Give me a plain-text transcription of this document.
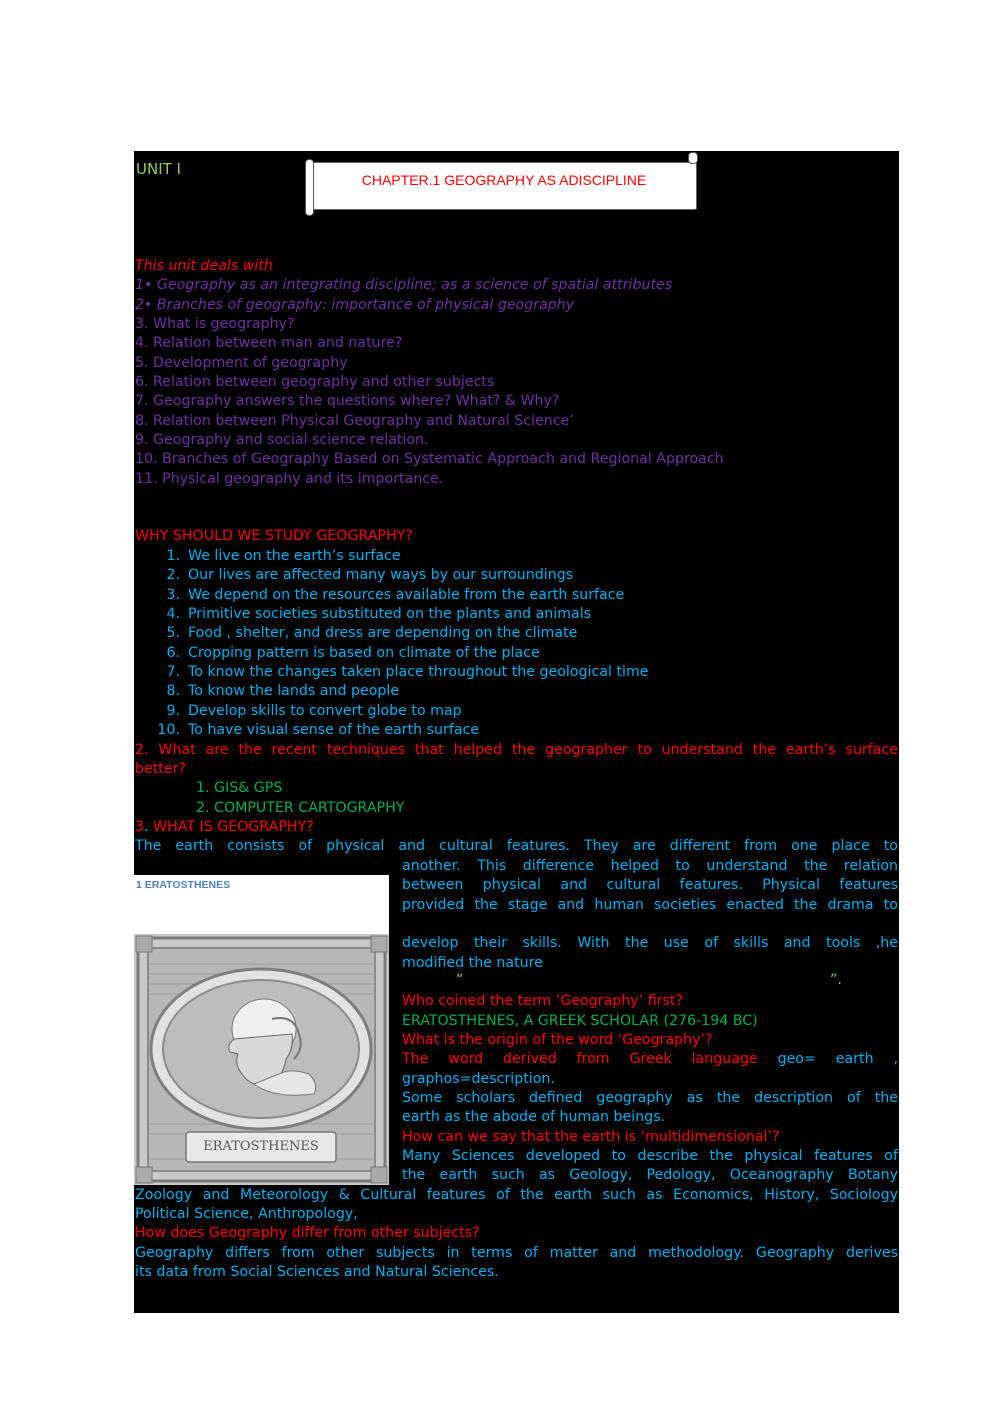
UNIT I
CHAPTER.1 GEOGRAPHY AS ADISCIPLINE
This unit deals with
1• Geography as an integrating discipline; as a science of spatial attributes
2• Branches of geography: importance of physical geography
3. What is geography?
4. Relation between man and nature?
5. Development of geography
6. Relation between geography and other subjects
7. Geography answers the questions where? What? & Why?
8. Relation between Physical Geography and Natural Science’
9. Geography and social science relation.
10. Branches of Geography Based on Systematic Approach and Regional Approach
11. Physical geography and its importance.
WHY SHOULD WE STUDY GEOGRAPHY?
1. We live on the earth’s surface
2. Our lives are affected many ways by our surroundings
3. We depend on the resources available from the earth surface
4. Primitive societies substituted on the plants and animals
5. Food , shelter, and dress are depending on the climate
6. Cropping pattern is based on climate of the place
7. To know the changes taken place throughout the geological time
8. To know the lands and people
9. Develop skills to convert globe to map
10. To have visual sense of the earth surface
2. What are the recent techniques that helped the geographer to understand the earth’s surface
better?
1. GIS& GPS
2. COMPUTER CARTOGRAPHY
3. WHAT IS GEOGRAPHY?
The earth consists of physical and cultural features. They are different from one place to
another. This difference helped to understand the relation
between physical and cultural features. Physical features
provided the stage and human societies enacted the drama to
develop their skills. With the use of skills and tools ,he
modified the nature
“	”.
1 ERATOSTHENES
ERATOSTHENES
Who coined the term ‘Geography’ first?
ERATOSTHENES, A GREEK SCHOLAR (276-194 BC)
What is the origin of the word ‘Geography’?
The word derived from Greek language geo= earth ,
graphos=description.
Some scholars defined geography as the description of the
earth as the abode of human beings.
How can we say that the earth is ‘multidimensional’?
Many Sciences developed to describe the physical features of
the earth such as Geology, Pedology, Oceanography Botany
Zoology and Meteorology & Cultural features of the earth such as Economics, History, Sociology
Political Science, Anthropology,
How does Geography differ from other subjects?
Geography differs from other subjects in terms of matter and methodology. Geography derives
its data from Social Sciences and Natural Sciences.
